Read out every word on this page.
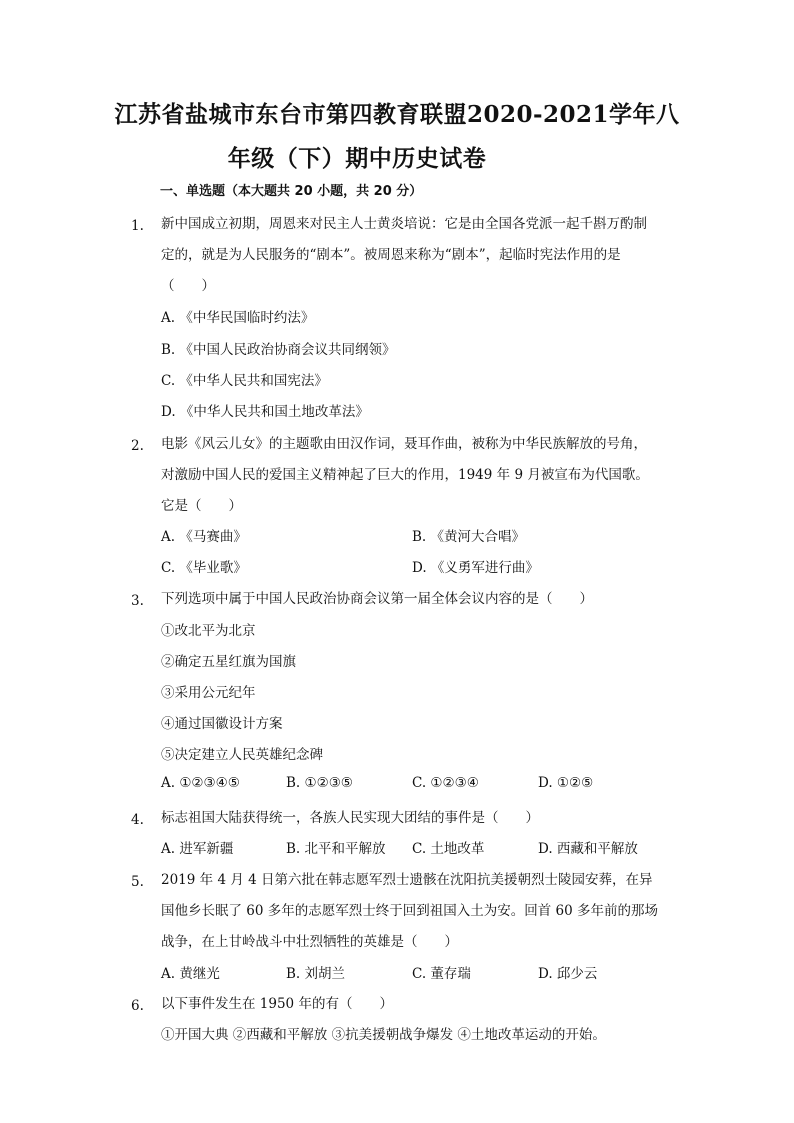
江苏省盐城市东台市第四教育联盟2020-2021学年八
年级（下）期中历史试卷
一、单选题（本大题共 20 小题，共 20 分）
1. 新中国成立初期，周恩来对民主人士黄炎培说：它是由全国各党派一起千斟万酌制
定的，就是为人民服务的“剧本”。被周恩来称为“剧本”，起临时宪法作用的是
（　　）
A. 《中华民国临时约法》
B. 《中国人民政治协商会议共同纲领》
C. 《中华人民共和国宪法》
D. 《中华人民共和国土地改革法》
2. 电影《风云儿女》的主题歌由田汉作词，聂耳作曲，被称为中华民族解放的号角，
对激励中国人民的爱国主义精神起了巨大的作用，1949 年 9 月被宣布为代国歌。
它是（　　）
A. 《马赛曲》	B. 《黄河大合唱》
C. 《毕业歌》	D. 《义勇军进行曲》
3. 下列选项中属于中国人民政治协商会议第一届全体会议内容的是（　　）
①改北平为北京
②确定五星红旗为国旗
③采用公元纪年
④通过国徽设计方案
⑤决定建立人民英雄纪念碑
A. ①②③④⑤	B. ①②③⑤	C. ①②③④	D. ①②⑤
4. 标志祖国大陆获得统一，各族人民实现大团结的事件是（　　）
A. 进军新疆	B. 北平和平解放 C. 土地改革	D. 西藏和平解放
5. 2019 年 4 月 4 日第六批在韩志愿军烈士遗骸在沈阳抗美援朝烈士陵园安葬，在异
国他乡长眠了 60 多年的志愿军烈士终于回到祖国入土为安。回首 60 多年前的那场
战争，在上甘岭战斗中壮烈牺牲的英雄是（　　）
A. 黄继光	B. 刘胡兰	C. 董存瑞	D. 邱少云
6. 以下事件发生在 1950 年的有（　　）
①开国大典 ②西藏和平解放 ③抗美援朝战争爆发 ④土地改革运动的开始。
